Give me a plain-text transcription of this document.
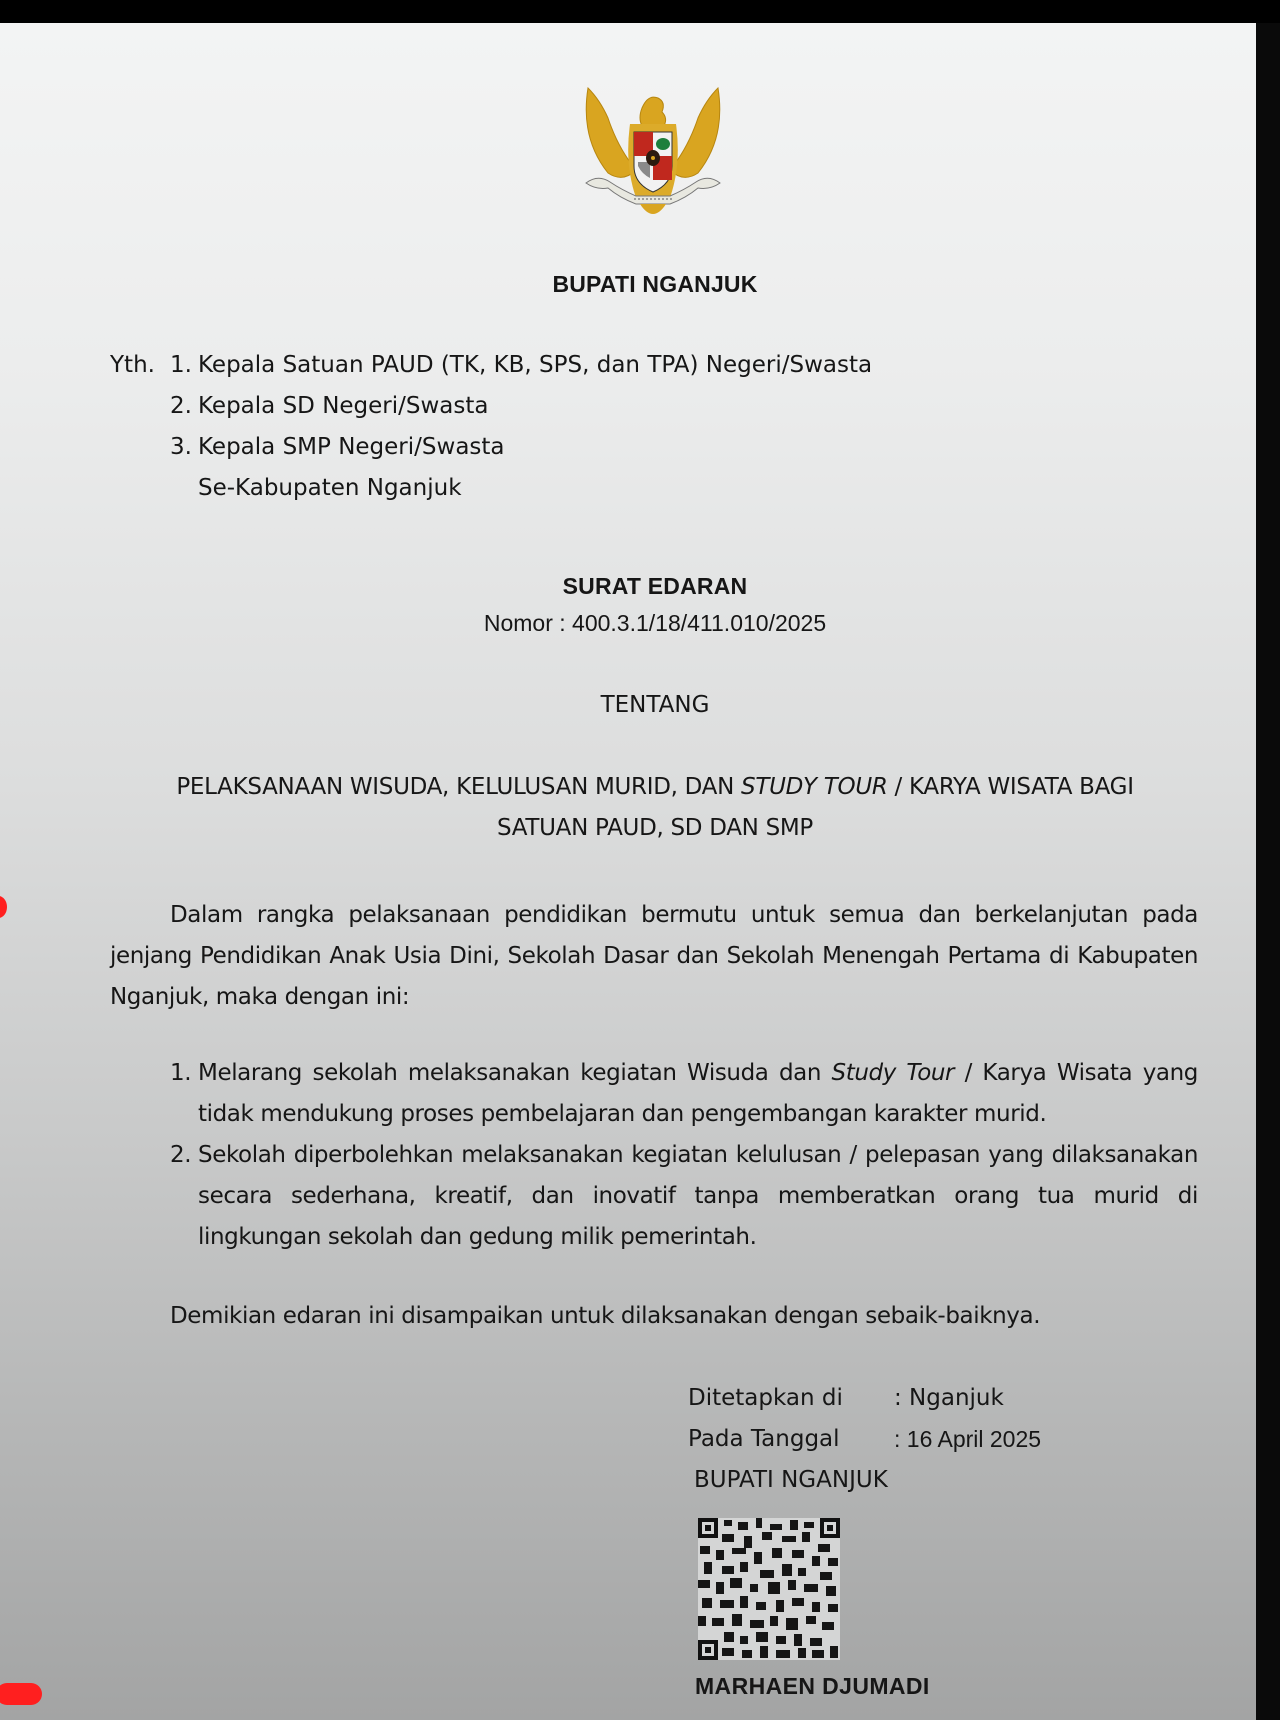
BUPATI NGANJUK
Yth. 1. Kepala Satuan PAUD (TK, KB, SPS, dan TPA) Negeri/Swasta
2. Kepala SD Negeri/Swasta
3. Kepala SMP Negeri/Swasta
Se-Kabupaten Nganjuk
SURAT EDARAN
Nomor : 400.3.1/18/411.010/2025
TENTANG
PELAKSANAAN WISUDA, KELULUSAN MURID, DAN STUDY TOUR / KARYA WISATA BAGI
SATUAN PAUD, SD DAN SMP
Dalam rangka pelaksanaan pendidikan bermutu untuk semua dan berkelanjutan pada jenjang Pendidikan Anak Usia Dini, Sekolah Dasar dan Sekolah Menengah Pertama di Kabupaten Nganjuk, maka dengan ini:
1. Melarang sekolah melaksanakan kegiatan Wisuda dan Study Tour / Karya Wisata yang tidak mendukung proses pembelajaran dan pengembangan karakter murid.
2. Sekolah diperbolehkan melaksanakan kegiatan kelulusan / pelepasan yang dilaksanakan secara sederhana, kreatif, dan inovatif tanpa memberatkan orang tua murid di lingkungan sekolah dan gedung milik pemerintah.
Demikian edaran ini disampaikan untuk dilaksanakan dengan sebaik-baiknya.
Ditetapkan di	: Nganjuk
Pada Tanggal	: 16 April 2025
BUPATI NGANJUK
MARHAEN DJUMADI
